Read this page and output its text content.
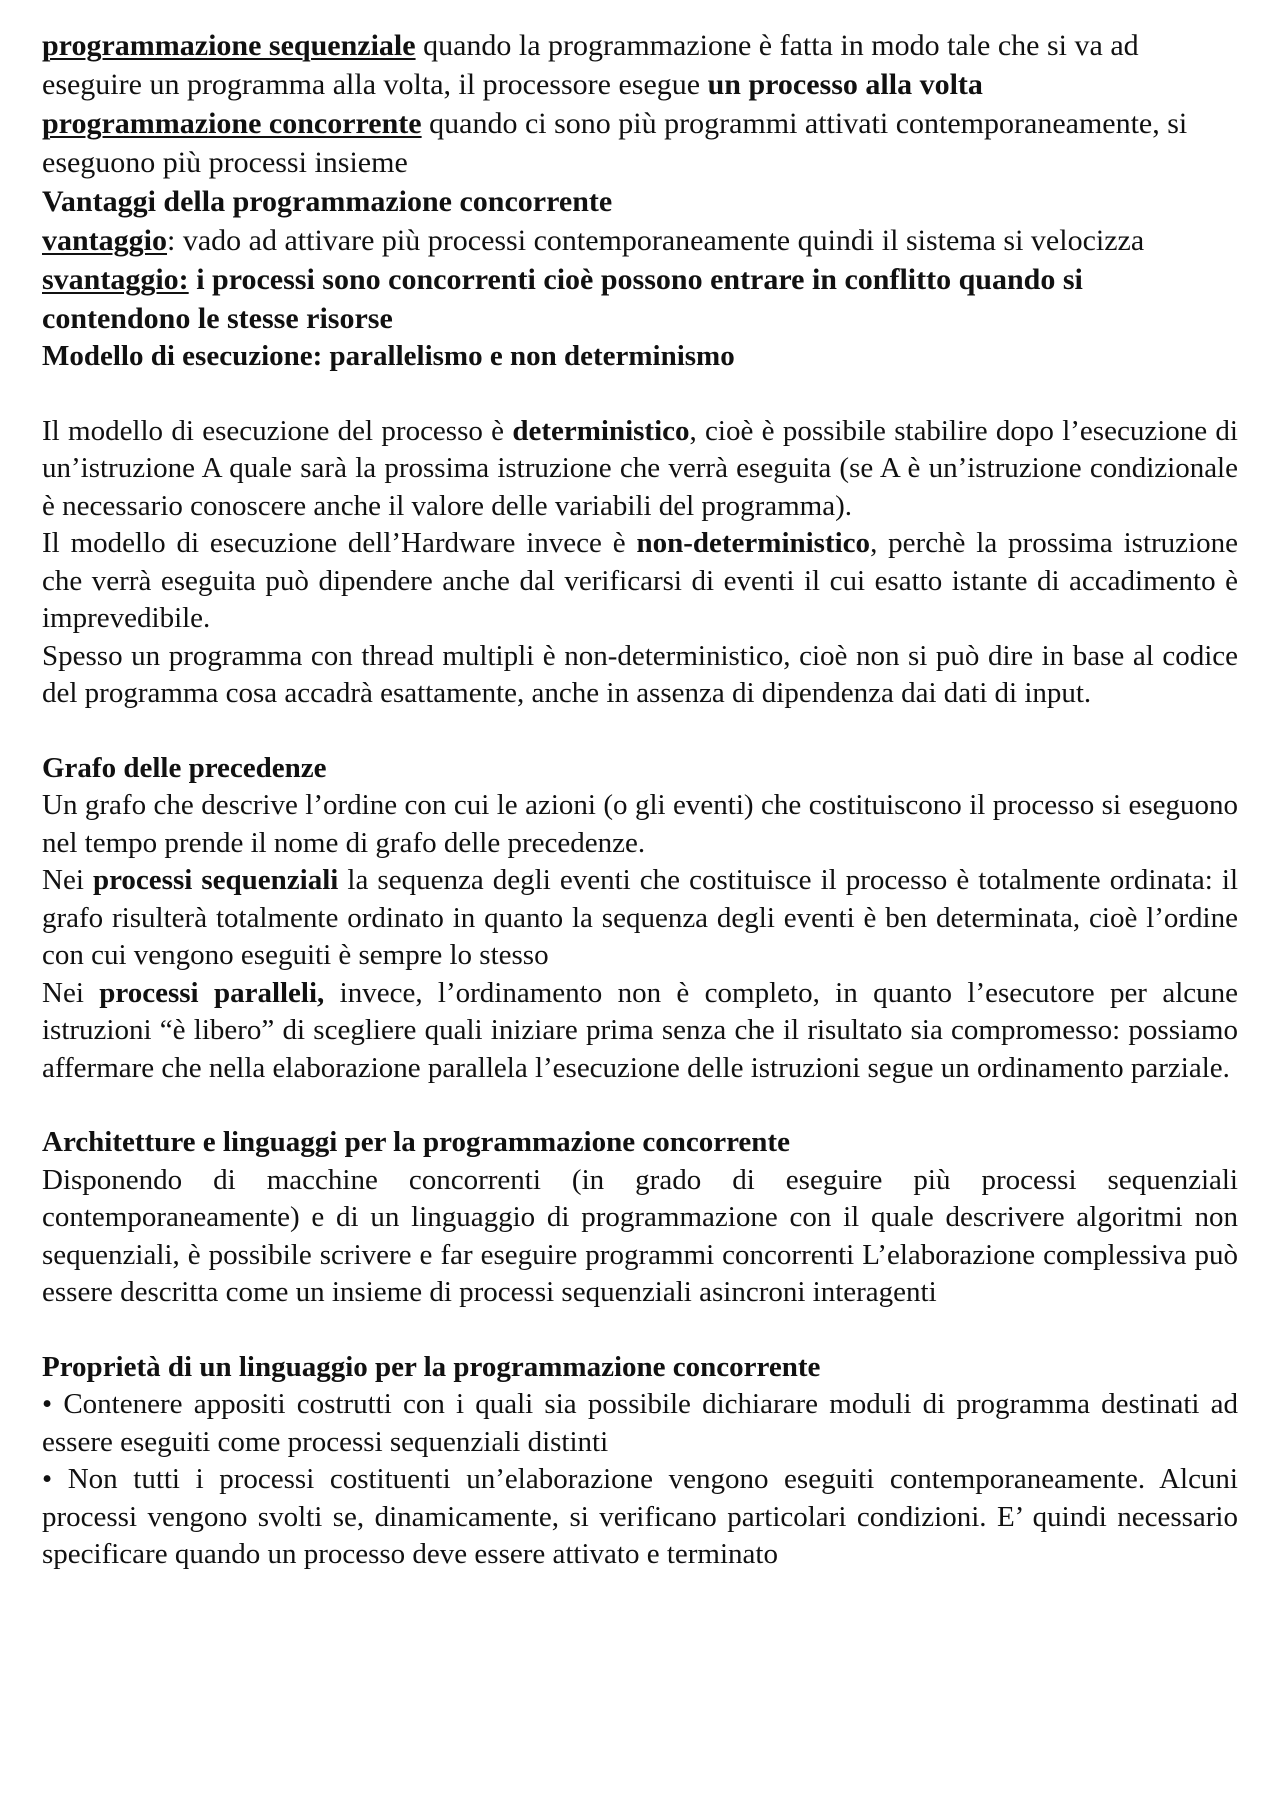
programmazione sequenziale quando la programmazione è fatta in modo tale che si va ad eseguire un programma alla volta, il processore esegue un processo alla volta

programmazione concorrente quando ci sono più programmi attivati contemporaneamente, si eseguono più processi insieme

Vantaggi della programmazione concorrente

vantaggio: vado ad attivare più processi contemporaneamente quindi il sistema si velocizza

svantaggio: i processi sono concorrenti cioè possono entrare in conflitto quando si contendono le stesse risorse

Modello di esecuzione: parallelismo e non determinismo

Il modello di esecuzione del processo è deterministico, cioè è possibile stabilire dopo l’esecuzione di un’istruzione A quale sarà la prossima istruzione che verrà eseguita (se A è un’istruzione condizionale è necessario conoscere anche il valore delle variabili del programma).

Il modello di esecuzione dell’Hardware invece è non-deterministico, perchè la prossima istruzione che verrà eseguita può dipendere anche dal verificarsi di eventi il cui esatto istante di accadimento è imprevedibile.

Spesso un programma con thread multipli è non-deterministico, cioè non si può dire in base al codice del programma cosa accadrà esattamente, anche in assenza di dipendenza dai dati di input.

Grafo delle precedenze

Un grafo che descrive l’ordine con cui le azioni (o gli eventi) che costituiscono il processo si eseguono nel tempo prende il nome di grafo delle precedenze.

Nei processi sequenziali la sequenza degli eventi che costituisce il processo è totalmente ordinata: il grafo risulterà totalmente ordinato in quanto la sequenza degli eventi è ben determinata, cioè l’ordine con cui vengono eseguiti è sempre lo stesso

Nei processi paralleli, invece, l’ordinamento non è completo, in quanto l’esecutore per alcune istruzioni “è libero” di scegliere quali iniziare prima senza che il risultato sia compromesso: possiamo affermare che nella elaborazione parallela l’esecuzione delle istruzioni segue un ordinamento parziale.

Architetture e linguaggi per la programmazione concorrente

Disponendo di macchine concorrenti (in grado di eseguire più processi sequenziali contemporaneamente) e di un linguaggio di programmazione con il quale descrivere algoritmi non sequenziali, è possibile scrivere e far eseguire programmi concorrenti L’elaborazione complessiva può essere descritta come un insieme di processi sequenziali asincroni interagenti

Proprietà di un linguaggio per la programmazione concorrente

• Contenere appositi costrutti con i quali sia possibile dichiarare moduli di programma destinati ad essere eseguiti come processi sequenziali distinti

• Non tutti i processi costituenti un’elaborazione vengono eseguiti contemporaneamente. Alcuni processi vengono svolti se, dinamicamente, si verificano particolari condizioni. E’ quindi necessario specificare quando un processo deve essere attivato e terminato
